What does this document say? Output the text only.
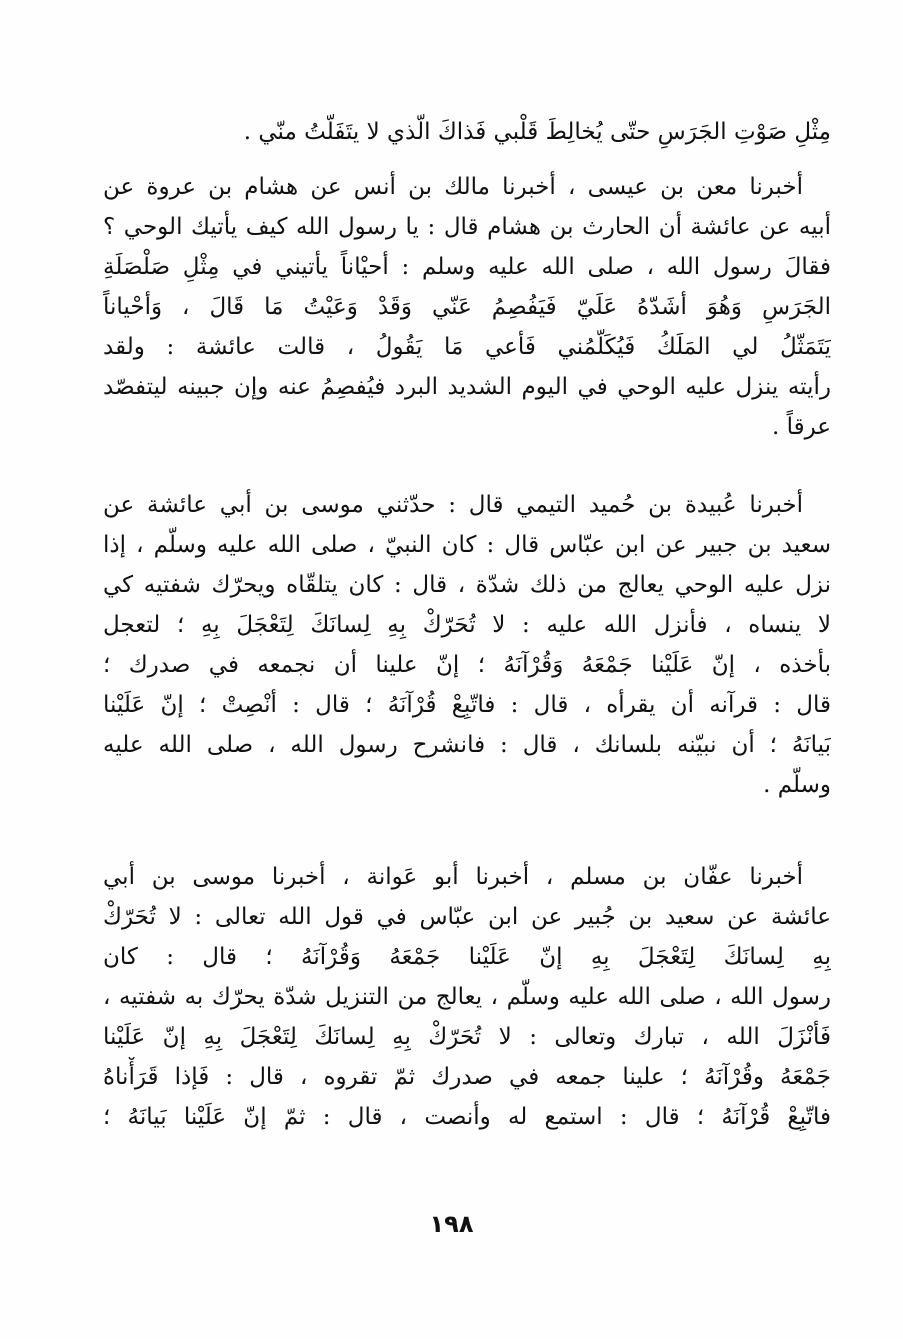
مِثْلِ صَوْتِ الجَرَسِ حتّى يُخالِطَ قَلْبي فَذاكَ الّذي لا يتَفَلّتُ منّي .
أخبرنا معن بن عيسى ، أخبرنا مالك بن أنس عن هشام بن عروة عن
أبيه عن عائشة أن الحارث بن هشام قال : يا رسول الله كيف يأتيك الوحي ؟
فقالَ رسول الله ، صلى الله عليه وسلم : أحيْاناً يأتيني في مِثْلِ صَلْصَلَةِ
الجَرَسِ وَهُوَ أشَدّهُ عَلَيّ فَيَفُصِمُ عَنّي وَقَدْ وَعَيْتُ مَا قَالَ ، وَأحْياناً
يَتَمَثّلُ لي المَلَكُ فَيُكَلّمُني فَأعي مَا يَقُولُ ، قالت عائشة : ولقد
رأيته ينزل عليه الوحي في اليوم الشديد البرد فيُفصِمُ عنه وإن جبينه ليتفصّد
عرقاً .
أخبرنا عُبيدة بن حُميد التيمي قال : حدّثني موسى بن أبي عائشة عن
سعيد بن جبير عن ابن عبّاس قال : كان النبيّ ، صلى الله عليه وسلّم ، إذا
نزل عليه الوحي يعالج من ذلك شدّة ، قال : كان يتلقّاه ويحرّك شفتيه كي
لا ينساه ، فأنزل الله عليه : لا تُحَرّكْ بِهِ لِسانَكَ لِتَعْجَلَ بِهِ ؛ لتعجل
بأخذه ، إنّ عَلَيْنا جَمْعَهُ وَقُرْآنَهُ ؛ إنّ علينا أن نجمعه في صدرك ؛
قال : قرآنه أن يقرأه ، قال : فاتّبِعْ قُرْآنَهُ ؛ قال : أنْصِتْ ؛ إنّ عَلَيْنا
بَيانَهُ ؛ أن نبيّنه بلسانك ، قال : فانشرح رسول الله ، صلى الله عليه
وسلّم .
أخبرنا عفّان بن مسلم ، أخبرنا أبو عَوانة ، أخبرنا موسى بن أبي
عائشة عن سعيد بن جُبير عن ابن عبّاس في قول الله تعالى : لا تُحَرّكْ
بِهِ لِسانَكَ لِتَعْجَلَ بِهِ إنّ عَلَيْنا جَمْعَهُ وَقُرْآنَهُ ؛ قال : كان
رسول الله ، صلى الله عليه وسلّم ، يعالج من التنزيل شدّة يحرّك به شفتيه ،
فَأنْزَلَ الله ، تبارك وتعالى : لا تُحَرّكْ بِهِ لِسانَكَ لِتَعْجَلَ بِهِ إنّ عَلَيْنا
جَمْعَهُ وقُرْآنَهُ ؛ علينا جمعه في صدرك ثمّ تقروه ، قال : فَإذا قَرَأْناهُ
فاتّبِعْ قُرْآنَهُ ؛ قال : استمع له وأنصت ، قال : ثمّ إنّ عَلَيْنا بَيانَهُ ؛
١٩٨
